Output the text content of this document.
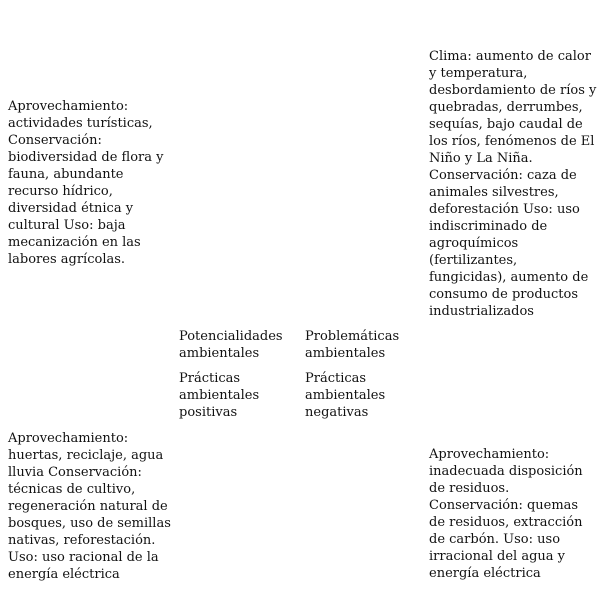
Aprovechamiento: actividades turísticas, Conservación: biodiversidad de flora y fauna, abundante recurso hídrico, diversidad étnica y cultural Uso: baja mecanización en las labores agrícolas.

Clima: aumento de calor y temperatura, desbordamiento de ríos y quebradas, derrumbes, sequías, bajo caudal de los ríos, fenómenos de El Niño y La Niña. Conservación: caza de animales silvestres, deforestación Uso: uso indiscriminado de agroquímicos (fertilizantes, fungicidas), aumento de consumo de productos industrializados

Potencialidades ambientales

Problemáticas ambientales

Prácticas ambientales positivas

Prácticas ambientales negativas

Aprovechamiento: huertas, reciclaje, agua lluvia Conservación: técnicas de cultivo, regeneración natural de bosques, uso de semillas nativas, reforestación. Uso: uso racional de la energía eléctrica

Aprovechamiento: inadecuada disposición de residuos. Conservación: quemas de residuos, extracción de carbón. Uso: uso irracional del agua y energía eléctrica
